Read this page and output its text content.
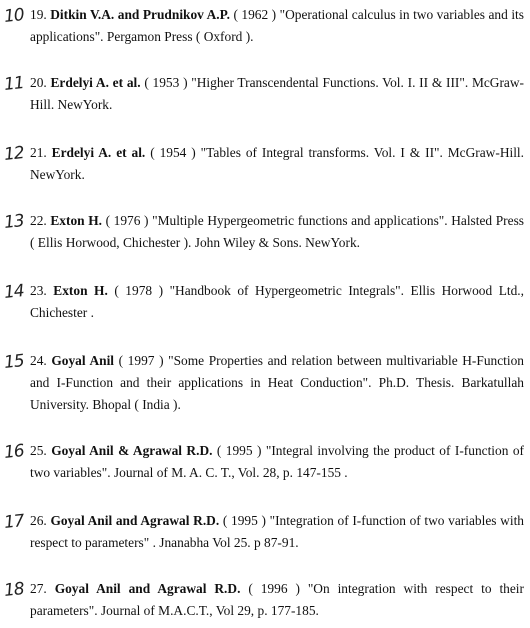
10 19. Ditkin V.A. and Prudnikov A.P. ( 1962 ) "Operational calculus in two variables and its applications". Pergamon Press ( Oxford ).
11 20. Erdelyi A. et al. ( 1953 ) "Higher Transcendental Functions. Vol. I. II & III". McGraw-Hill. NewYork.
12 21. Erdelyi A. et al. ( 1954 ) "Tables of Integral transforms. Vol. I & II". McGraw-Hill. NewYork.
13 22. Exton H. ( 1976 ) "Multiple Hypergeometric functions and applications". Halsted Press ( Ellis Horwood, Chichester ). John Wiley & Sons. NewYork.
14 23. Exton H. ( 1978 ) "Handbook of Hypergeometric Integrals". Ellis Horwood Ltd., Chichester .
15 24. Goyal Anil ( 1997 ) "Some Properties and relation between multivariable H-Function and I-Function and their applications in Heat Conduction". Ph.D. Thesis. Barkatullah University. Bhopal ( India ).
16 25. Goyal Anil & Agrawal R.D. ( 1995 ) "Integral involving the product of I-function of two variables". Journal of M. A. C. T., Vol. 28, p. 147-155 .
17 26. Goyal Anil and Agrawal R.D. ( 1995 ) "Integration of I-function of two variables with respect to parameters" . Jnanabha Vol 25. p 87-91.
18 27. Goyal Anil and Agrawal R.D. ( 1996 ) "On integration with respect to their parameters". Journal of M.A.C.T., Vol 29, p. 177-185.
